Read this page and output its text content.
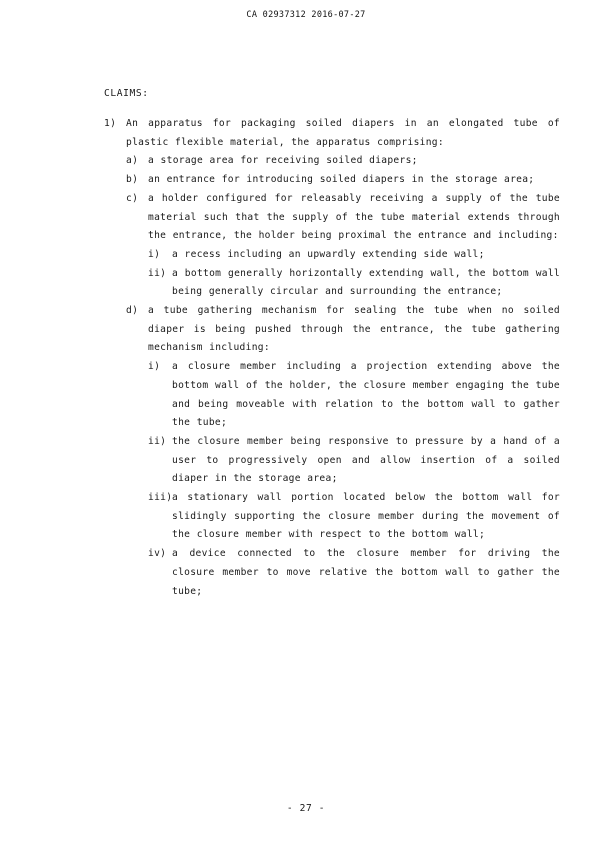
CA 02937312 2016-07-27
CLAIMS:
1)	An apparatus for packaging soiled diapers in an elongated tube of plastic flexible material, the apparatus comprising:
a)	a storage area for receiving soiled diapers;
b)	an entrance for introducing soiled diapers in the storage area;
c)	a holder configured for releasably receiving a supply of the tube material such that the supply of the tube material extends through the entrance, the holder being proximal the entrance and including:
i)	a recess including an upwardly extending side wall;
ii) a bottom generally horizontally extending wall, the bottom wall being generally circular and surrounding the entrance;
d)	a tube gathering mechanism for sealing the tube when no soiled diaper is being pushed through the entrance, the tube gathering mechanism including:
i)	a closure member including a projection extending above the bottom wall of the holder, the closure member engaging the tube and being moveable with relation to the bottom wall to gather the tube;
ii) the closure member being responsive to pressure by a hand of a user to progressively open and allow insertion of a soiled diaper in the storage area;
iii) a stationary wall portion located below the bottom wall for slidingly supporting the closure member during the movement of the closure member with respect to the bottom wall;
iv) a device connected to the closure member for driving the closure member to move relative the bottom wall to gather the tube;
- 27 -
